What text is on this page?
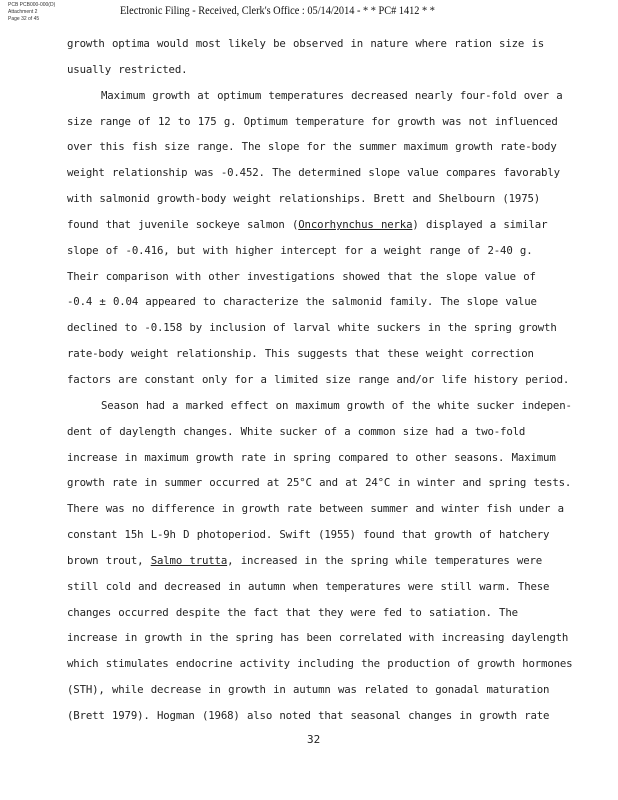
PCB PCB000-000(D)
Attachment 2
Page 32 of 45
Electronic Filing - Received, Clerk's Office : 05/14/2014 - * * PC# 1412 * *
growth optima would most likely be observed in nature where ration size is
usually restricted.
Maximum growth at optimum temperatures decreased nearly four-fold over a
size range of 12 to 175 g. Optimum temperature for growth was not influenced
over this fish size range. The slope for the summer maximum growth rate-body
weight relationship was -0.452. The determined slope value compares favorably
with salmonid growth-body weight relationships. Brett and Shelbourn (1975)
found that juvenile sockeye salmon (Oncorhynchus nerka) displayed a similar
slope of -0.416, but with higher intercept for a weight range of 2-40 g.
Their comparison with other investigations showed that the slope value of
-0.4 ± 0.04 appeared to characterize the salmonid family. The slope value
declined to -0.158 by inclusion of larval white suckers in the spring growth
rate-body weight relationship. This suggests that these weight correction
factors are constant only for a limited size range and/or life history period.
Season had a marked effect on maximum growth of the white sucker indepen-
dent of daylength changes. White sucker of a common size had a two-fold
increase in maximum growth rate in spring compared to other seasons. Maximum
growth rate in summer occurred at 25°C and at 24°C in winter and spring tests.
There was no difference in growth rate between summer and winter fish under a
constant 15h L-9h D photoperiod. Swift (1955) found that growth of hatchery
brown trout, Salmo trutta, increased in the spring while temperatures were
still cold and decreased in autumn when temperatures were still warm. These
changes occurred despite the fact that they were fed to satiation. The
increase in growth in the spring has been correlated with increasing daylength
which stimulates endocrine activity including the production of growth hormones
(STH), while decrease in growth in autumn was related to gonadal maturation
(Brett 1979). Hogman (1968) also noted that seasonal changes in growth rate
32
